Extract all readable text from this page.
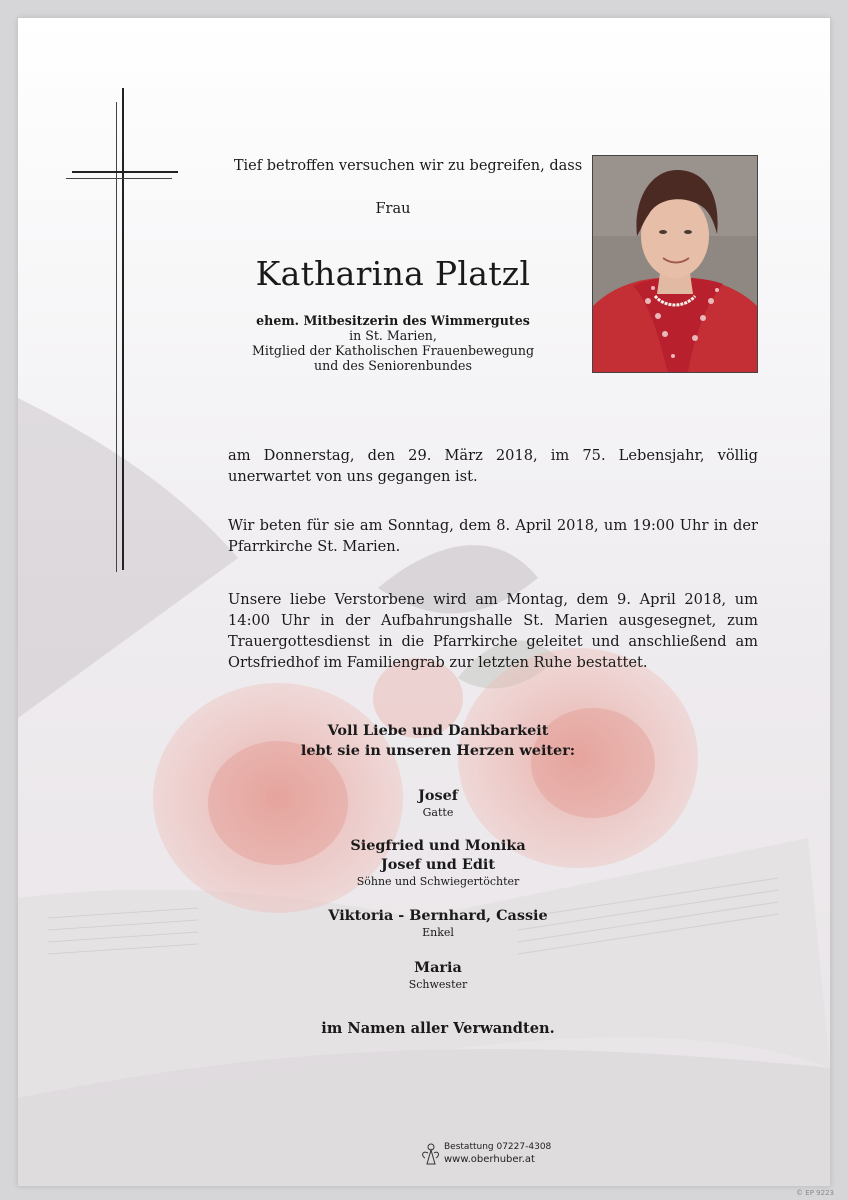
Tief betroffen versuchen wir zu begreifen, dass
Frau
Katharina Platzl
ehem. Mitbesitzerin des Wimmergutes
in St. Marien,
Mitglied der Katholischen Frauenbewegung
und des Seniorenbundes
am Donnerstag, den 29. März 2018, im 75. Lebensjahr, völlig unerwartet von uns gegangen ist.
Wir beten für sie am Sonntag, dem 8. April 2018, um 19:00 Uhr in der Pfarrkirche St. Marien.
Unsere liebe Verstorbene wird am Montag, dem 9. April 2018, um 14:00 Uhr in der Aufbahrungshalle St. Marien ausgesegnet, zum Trauergottesdienst in die Pfarrkirche geleitet und anschließend am Ortsfriedhof im Familiengrab zur letzten Ruhe bestattet.
Voll Liebe und Dankbarkeit
lebt sie in unseren Herzen weiter:
Josef
Gatte
Siegfried und Monika
Josef und Edit
Söhne und Schwiegertöchter
Viktoria - Bernhard, Cassie
Enkel
Maria
Schwester
im Namen aller Verwandten.
Bestattung 07227-4308
www.oberhuber.at
© EP 9223
